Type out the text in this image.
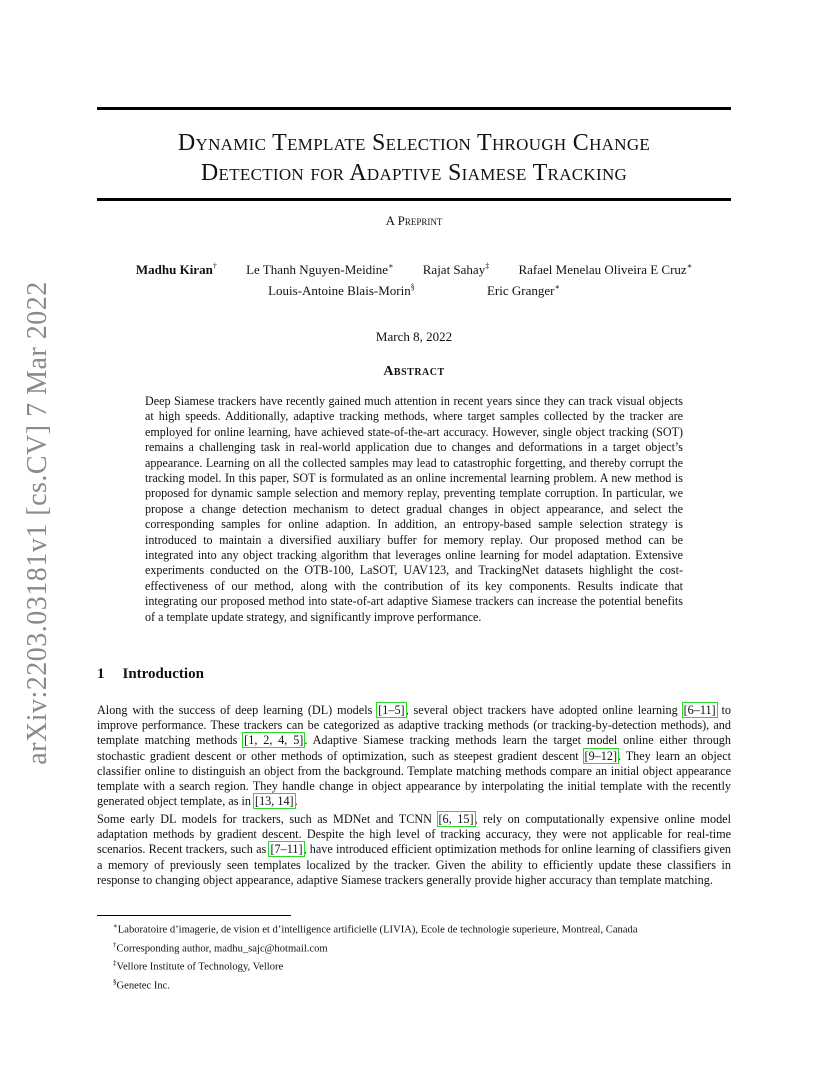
arXiv:2203.03181v1 [cs.CV] 7 Mar 2022
Dynamic Template Selection Through Change
Detection for Adaptive Siamese Tracking
A Preprint
Madhu Kiran† Le Thanh Nguyen-Meidine∗ Rajat Sahay‡ Rafael Menelau Oliveira E Cruz∗
Louis-Antoine Blais-Morin§	Eric Granger∗
March 8, 2022
Abstract
Deep Siamese trackers have recently gained much attention in recent years since they can track visual objects at high speeds. Additionally, adaptive tracking methods, where target samples collected by the tracker are employed for online learning, have achieved state-of-the-art accuracy. However, single object tracking (SOT) remains a challenging task in real-world application due to changes and deformations in a target object’s appearance. Learning on all the collected samples may lead to catastrophic forgetting, and thereby corrupt the tracking model. In this paper, SOT is formulated as an online incremental learning problem. A new method is proposed for dynamic sample selection and memory replay, preventing template corruption. In particular, we propose a change detection mechanism to detect gradual changes in object appearance, and select the corresponding samples for online adaption. In addition, an entropy-based sample selection strategy is introduced to maintain a diversified auxiliary buffer for memory replay. Our proposed method can be integrated into any object tracking algorithm that leverages online learning for model adaptation. Extensive experiments conducted on the OTB-100, LaSOT, UAV123, and TrackingNet datasets highlight the cost-effectiveness of our method, along with the contribution of its key components. Results indicate that integrating our proposed method into state-of-art adaptive Siamese trackers can increase the potential benefits of a template update strategy, and significantly improve performance.
1 Introduction
Along with the success of deep learning (DL) models [1–5], several object trackers have adopted online learning [6–11] to improve performance. These trackers can be categorized as adaptive tracking methods (or tracking-by-detection methods), and template matching methods [1, 2, 4, 5]. Adaptive Siamese tracking methods learn the target model online either through stochastic gradient descent or other methods of optimization, such as steepest gradient descent [9–12]. They learn an object classifier online to distinguish an object from the background. Template matching methods compare an initial object appearance template with a search region. They handle change in object appearance by interpolating the initial template with the recently generated object template, as in [13, 14].
Some early DL models for trackers, such as MDNet and TCNN [6, 15], rely on computationally expensive online model adaptation methods by gradient descent. Despite the high level of tracking accuracy, they were not applicable for real-time scenarios. Recent trackers, such as [7–11], have introduced efficient optimization methods for online learning of classifiers given a memory of previously seen templates localized by the tracker. Given the ability to efficiently update these classifiers in response to changing object appearance, adaptive Siamese trackers generally provide higher accuracy than template matching.
∗Laboratoire d’imagerie, de vision et d’intelligence artificielle (LIVIA), Ecole de technologie superieure, Montreal, Canada
†Corresponding author, madhu_sajc@hotmail.com
‡Vellore Institute of Technology, Vellore
§Genetec Inc.
